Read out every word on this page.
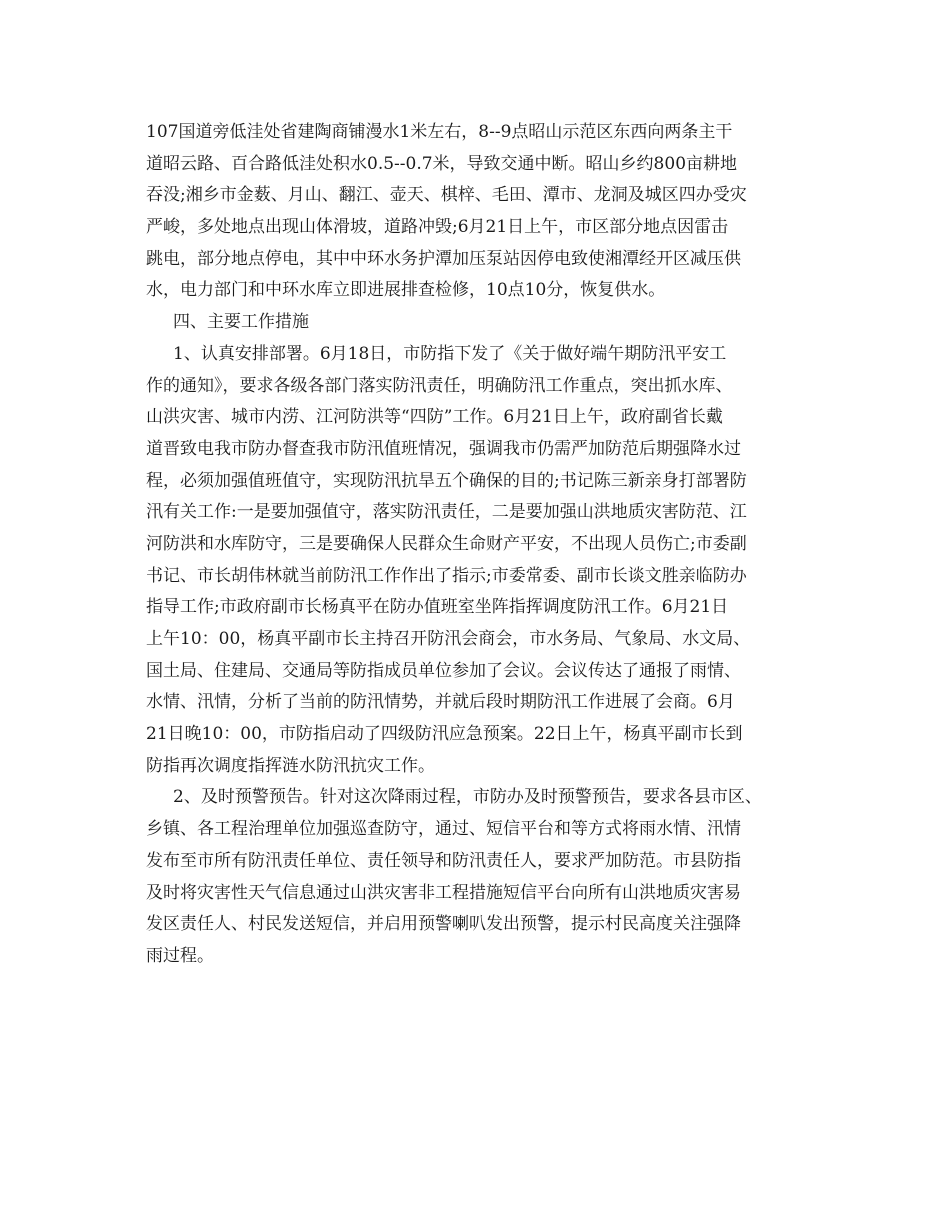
107国道旁低洼处省建陶商铺漫水1米左右，8--9点昭山示范区东西向两条主干

道昭云路、百合路低洼处积水0.5--0.7米，导致交通中断。昭山乡约800亩耕地

吞没;湘乡市金薮、月山、翻江、壶天、棋梓、毛田、潭市、龙洞及城区四办受灾

严峻，多处地点出现山体滑坡，道路冲毁;6月21日上午，市区部分地点因雷击

跳电，部分地点停电，其中中环水务护潭加压泵站因停电致使湘潭经开区减压供

水，电力部门和中环水库立即进展排查检修，10点10分，恢复供水。

四、主要工作措施

1、认真安排部署。6月18日，市防指下发了《关于做好端午期防汛平安工

作的通知》，要求各级各部门落实防汛责任，明确防汛工作重点，突出抓水库、

山洪灾害、城市内涝、江河防洪等“四防”工作。6月21日上午，政府副省长戴

道晋致电我市防办督查我市防汛值班情况，强调我市仍需严加防范后期强降水过

程，必须加强值班值守，实现防汛抗旱五个确保的目的;书记陈三新亲身打部署防

汛有关工作:一是要加强值守，落实防汛责任，二是要加强山洪地质灾害防范、江

河防洪和水库防守，三是要确保人民群众生命财产平安，不出现人员伤亡;市委副

书记、市长胡伟林就当前防汛工作作出了指示;市委常委、副市长谈文胜亲临防办

指导工作;市政府副市长杨真平在防办值班室坐阵指挥调度防汛工作。6月21日

上午10：00，杨真平副市长主持召开防汛会商会，市水务局、气象局、水文局、

国土局、住建局、交通局等防指成员单位参加了会议。会议传达了通报了雨情、

水情、汛情，分析了当前的防汛情势，并就后段时期防汛工作进展了会商。6月

21日晚10：00，市防指启动了四级防汛应急预案。22日上午，杨真平副市长到

防指再次调度指挥涟水防汛抗灾工作。

2、及时预警预告。针对这次降雨过程，市防办及时预警预告，要求各县市区、

乡镇、各工程治理单位加强巡查防守，通过、短信平台和等方式将雨水情、汛情

发布至市所有防汛责任单位、责任领导和防汛责任人，要求严加防范。市县防指

及时将灾害性天气信息通过山洪灾害非工程措施短信平台向所有山洪地质灾害易

发区责任人、村民发送短信，并启用预警喇叭发出预警，提示村民高度关注强降

雨过程。
